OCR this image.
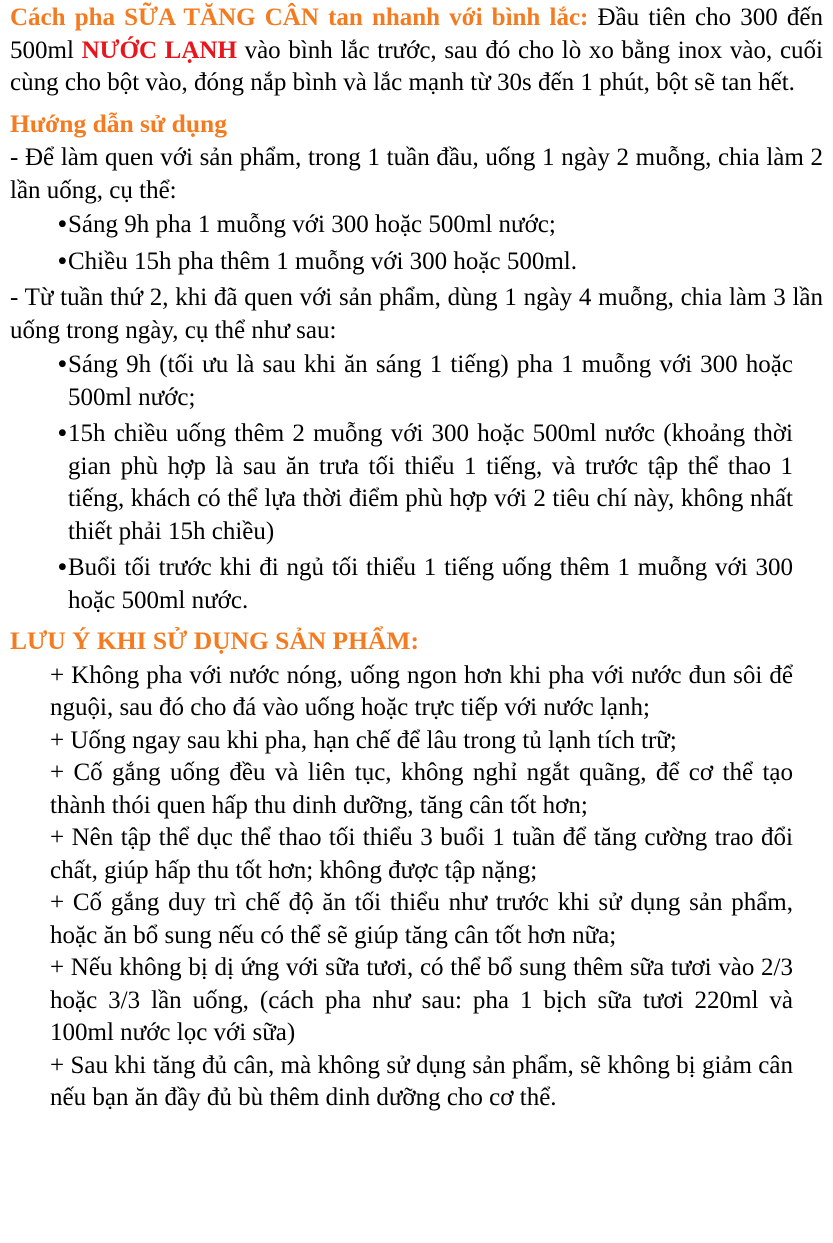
Cách pha SỮA TĂNG CÂN tan nhanh với bình lắc: Đầu tiên cho 300 đến 500ml NƯỚC LẠNH vào bình lắc trước, sau đó cho lò xo bằng inox vào, cuối cùng cho bột vào, đóng nắp bình và lắc mạnh từ 30s đến 1 phút, bột sẽ tan hết.

Hướng dẫn sử dụng

- Để làm quen với sản phẩm, trong 1 tuần đầu, uống 1 ngày 2 muỗng, chia làm 2 lần uống, cụ thể:

• Sáng 9h pha 1 muỗng với 300 hoặc 500ml nước;
• Chiều 15h pha thêm 1 muỗng với 300 hoặc 500ml.

- Từ tuần thứ 2, khi đã quen với sản phẩm, dùng 1 ngày 4 muỗng, chia làm 3 lần uống trong ngày, cụ thể như sau:

• Sáng 9h (tối ưu là sau khi ăn sáng 1 tiếng) pha 1 muỗng với 300 hoặc 500ml nước;
• 15h chiều uống thêm 2 muỗng với 300 hoặc 500ml nước (khoảng thời gian phù hợp là sau ăn trưa tối thiểu 1 tiếng, và trước tập thể thao 1 tiếng, khách có thể lựa thời điểm phù hợp với 2 tiêu chí này, không nhất thiết phải 15h chiều)
• Buổi tối trước khi đi ngủ tối thiểu 1 tiếng uống thêm 1 muỗng với 300 hoặc 500ml nước.

LƯU Ý KHI SỬ DỤNG SẢN PHẨM:

+ Không pha với nước nóng, uống ngon hơn khi pha với nước đun sôi để nguội, sau đó cho đá vào uống hoặc trực tiếp với nước lạnh;

+ Uống ngay sau khi pha, hạn chế để lâu trong tủ lạnh tích trữ;

+ Cố gắng uống đều và liên tục, không nghỉ ngắt quãng, để cơ thể tạo thành thói quen hấp thu dinh dưỡng, tăng cân tốt hơn;

+ Nên tập thể dục thể thao tối thiểu 3 buổi 1 tuần để tăng cường trao đổi chất, giúp hấp thu tốt hơn; không được tập nặng;

+ Cố gắng duy trì chế độ ăn tối thiểu như trước khi sử dụng sản phẩm, hoặc ăn bổ sung nếu có thể sẽ giúp tăng cân tốt hơn nữa;

+ Nếu không bị dị ứng với sữa tươi, có thể bổ sung thêm sữa tươi vào 2/3 hoặc 3/3 lần uống, (cách pha như sau: pha 1 bịch sữa tươi 220ml và 100ml nước lọc với sữa)

+ Sau khi tăng đủ cân, mà không sử dụng sản phẩm, sẽ không bị giảm cân nếu bạn ăn đầy đủ bù thêm dinh dưỡng cho cơ thể.
